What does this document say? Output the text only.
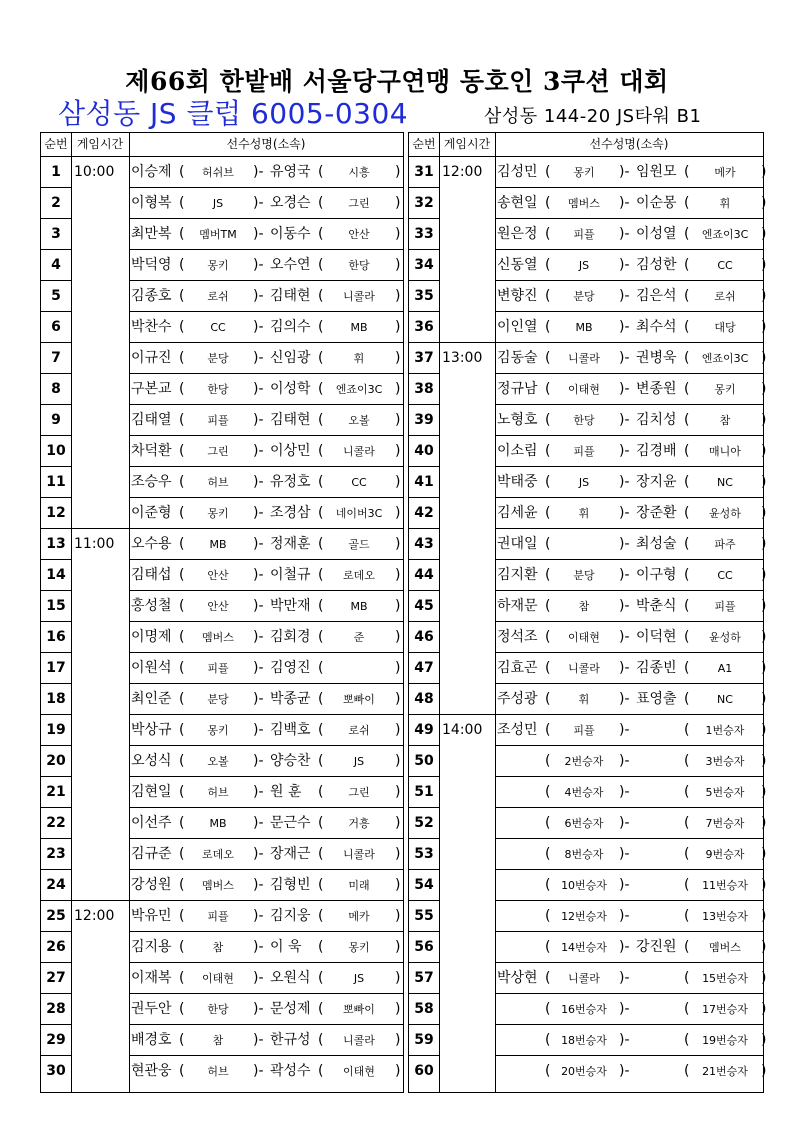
제66회 한밭배 서울당구연맹 동호인 3쿠션 대회
삼성동 JS 클럽 6005-0304	삼성동 144-20 JS타워 B1
순번 게임시간	선수성명(소속)
1 10:00 이승제 (	허쉬브	)- 유영국 (	시흥	)
2	이형복 (	JS	)- 오경슨 (	그린	)
3	최만복 (	멤버TM	)- 이동수 (	안산	)
4	박덕영 (	몽키	)- 오수연 (	한당	)
5	김종호 (	로쉬	)- 김태현 (	니콜라	)
6	박찬수 (	CC	)- 김의수 (	MB	)
7	이규진 (	분당	)- 신임광 (	휘	)
8	구본교 (	한당	)- 이성학 (	엔죠이3C )
9	김태열 (	피플	)- 김태현 (	오볼	)
10	차덕환 (	그린	)- 이상민 (	니콜라	)
11	조승우 (	허브	)- 유정호 (	CC	)
12	이준형 (	몽키	)- 조경삼 (	네이버3C )
13 11:00 오수용 (	MB	)- 정재훈 (	골드	)
14	김태섭 (	안산	)- 이철규 (	로데오	)
15	홍성철 (	안산	)- 박만재 (	MB	)
16	이명제 (	멤버스	)- 김회경 (	준	)
17	이원석 (	피플	)- 김영진 (	)
18	최인준 (	분당	)- 박종균 (	뽀빠이	)
19	박상규 (	몽키	)- 김백호 (	로쉬	)
20	오성식 (	오볼	)- 양승찬 (	JS	)
21	김현일 (	허브	)- 원 훈 (	그린	)
22	이선주 (	MB	)- 문근수 (	거흥	)
23	김규준 (	로데오	)- 장재근 (	니콜라	)
24	강성원 (	멤버스	)- 김형빈 (	미래	)
25 12:00 박유민 (	피플	)- 김지웅 (	메카	)
26	김지용 (	참	)- 이 욱 (	몽키	)
27	이재복 (	이태현	)- 오원식 (	JS	)
28	권두안 (	한당	)- 문성제 (	뽀빠이	)
29	배경호 (	참	)- 한규성 (	니콜라	)
30	현관웅 (	허브	)- 곽성수 (	이태현	)
순번 게임시간	선수성명(소속)
31 12:00 김성민 (	몽키	)- 임원모 (	메카	)
32	송현일 (	멤버스	)- 이순몽 (	휘	)
33	원은정 (	피플	)- 이성열 (	엔죠이3C )
34	신동열 (	JS	)- 김성한 (	CC	)
35	변향진 (	분당	)- 김은석 (	로쉬	)
36	이인열 (	MB	)- 최수석 (	대당	)
37 13:00 김동술 (	니콜라	)- 권병욱 (	엔죠이3C )
38	정규남 (	이태현	)- 변종원 (	몽키	)
39	노형호 (	한당	)- 김치성 (	참	)
40	이소림 (	피플	)- 김경배 (	매니아	)
41	박태중 (	JS	)- 장지윤 (	NC	)
42	김세윤 (	휘	)- 장준환 (	윤성하	)
43	권대일 (	)- 최성술 (	파주	)
44	김지환 (	분당	)- 이구형 (	CC	)
45	하재문 (	참	)- 박춘식 (	피플	)
46	정석조 (	이태현	)- 이덕현 (	윤성하	)
47	김효곤 (	니콜라	)- 김종빈 (	A1	)
48	주성광 (	휘	)- 표영출 (	NC	)
49 14:00 조성민 (	피플	)-	(	1번승자	)
50	(	2번승자	)-	(	3번승자	)
51	(	4번승자	)-	(	5번승자	)
52	(	6번승자	)-	(	7번승자	)
53	(	8번승자	)-	(	9번승자	)
54	( 10번승자 )-	(	11번승자 )
55	( 12번승자 )-	(	13번승자 )
56	( 14번승자 )- 강진원 (	멤버스	)
57	박상현 (	니콜라	)-	(	15번승자 )
58	( 16번승자 )-	(	17번승자 )
59	( 18번승자 )-	(	19번승자 )
60	( 20번승자 )-	(	21번승자 )
